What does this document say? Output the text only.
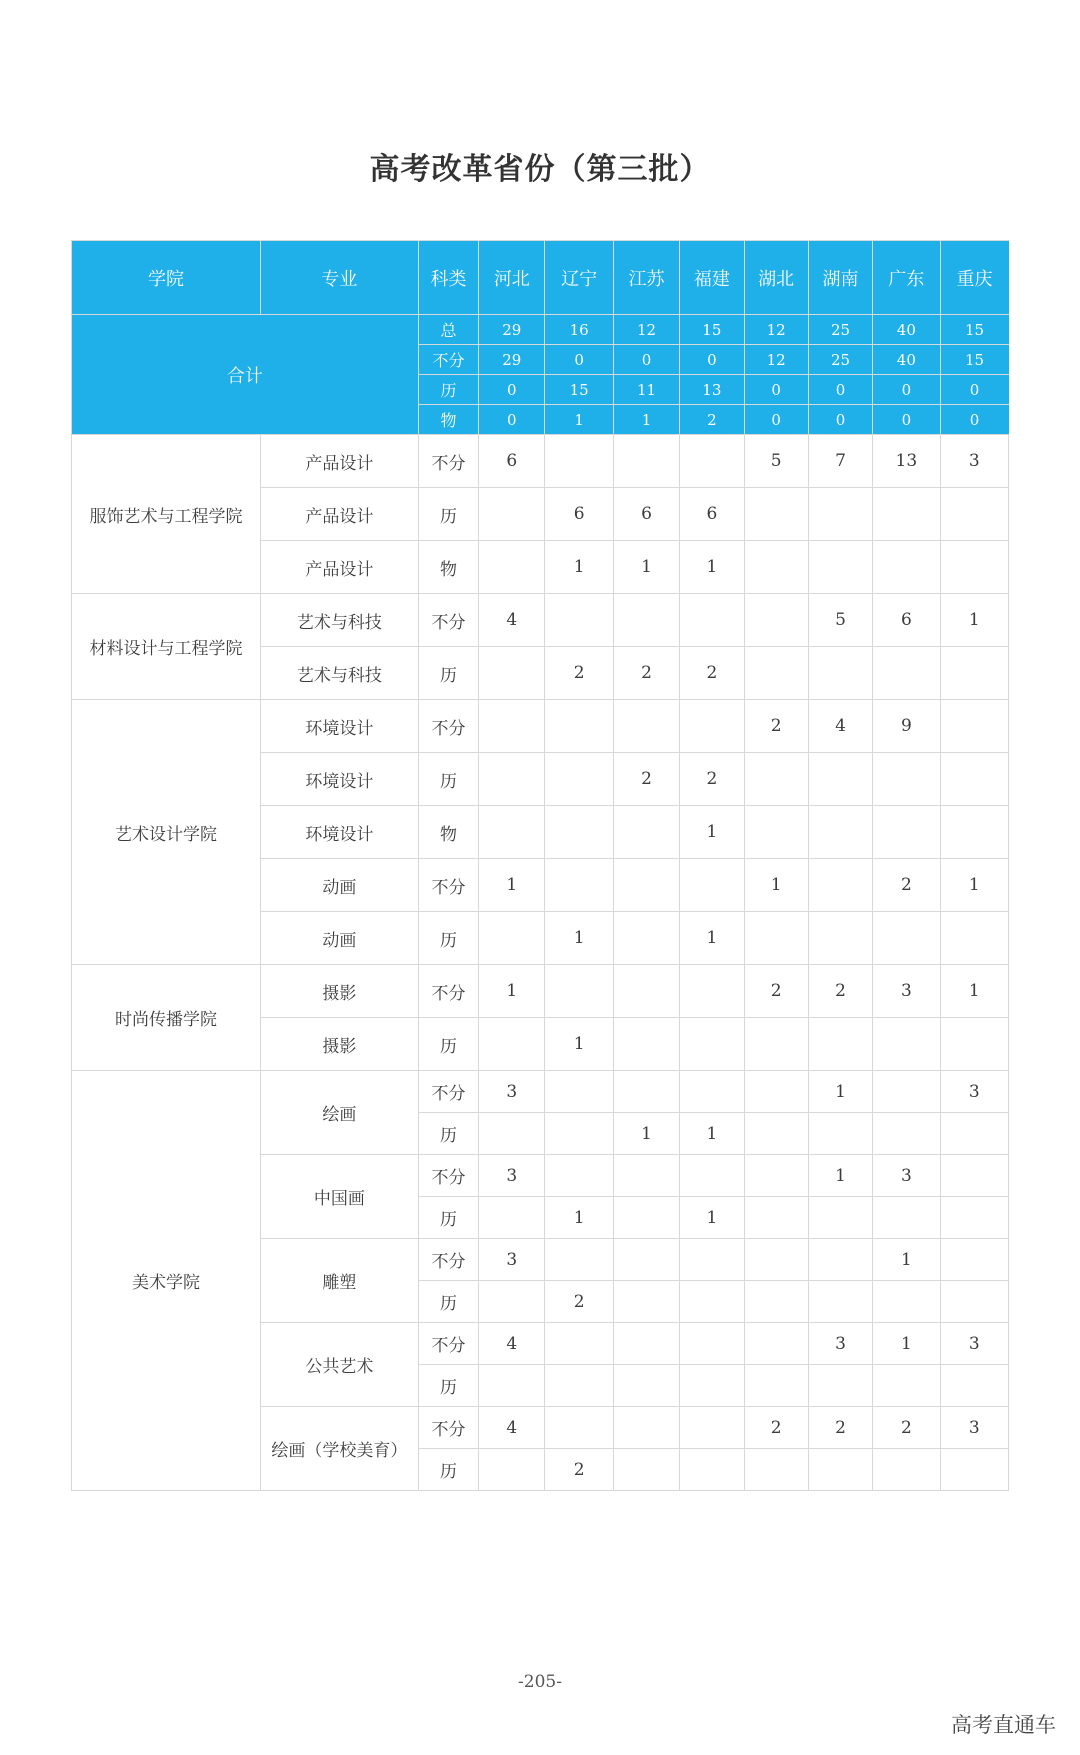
高考改革省份（第三批）
学院	专业	科类	河北	辽宁	江苏	福建	湖北	湖南	广东	重庆
合计		总	29	16	12	15	12	25	40	15
		不分	29	0	0	0	12	25	40	15
		历	0	15	11	13	0	0	0	0
		物	0	1	1	2	0	0	0	0
服饰艺术与工程学院	产品设计	不分	6				5	7	13	3
	产品设计	历		6	6	6				
	产品设计	物		1	1	1				
材料设计与工程学院	艺术与科技	不分	4					5	6	1
	艺术与科技	历		2	2	2				
艺术设计学院	环境设计	不分					2	4	9	
	环境设计	历			2	2				
	环境设计	物				1				
	动画	不分	1				1		2	1
	动画	历		1		1				
时尚传播学院	摄影	不分	1				2	2	3	1
	摄影	历		1						
美术学院	绘画	不分	3					1		3
		历			1	1				
	中国画	不分	3					1	3	
		历		1		1				
	雕塑	不分	3						1	
		历		2						
	公共艺术	不分	4					3	1	3
		历								
	绘画（学校美育）	不分	4				2	2	2	3
		历		2						
-205-
高考直通车
